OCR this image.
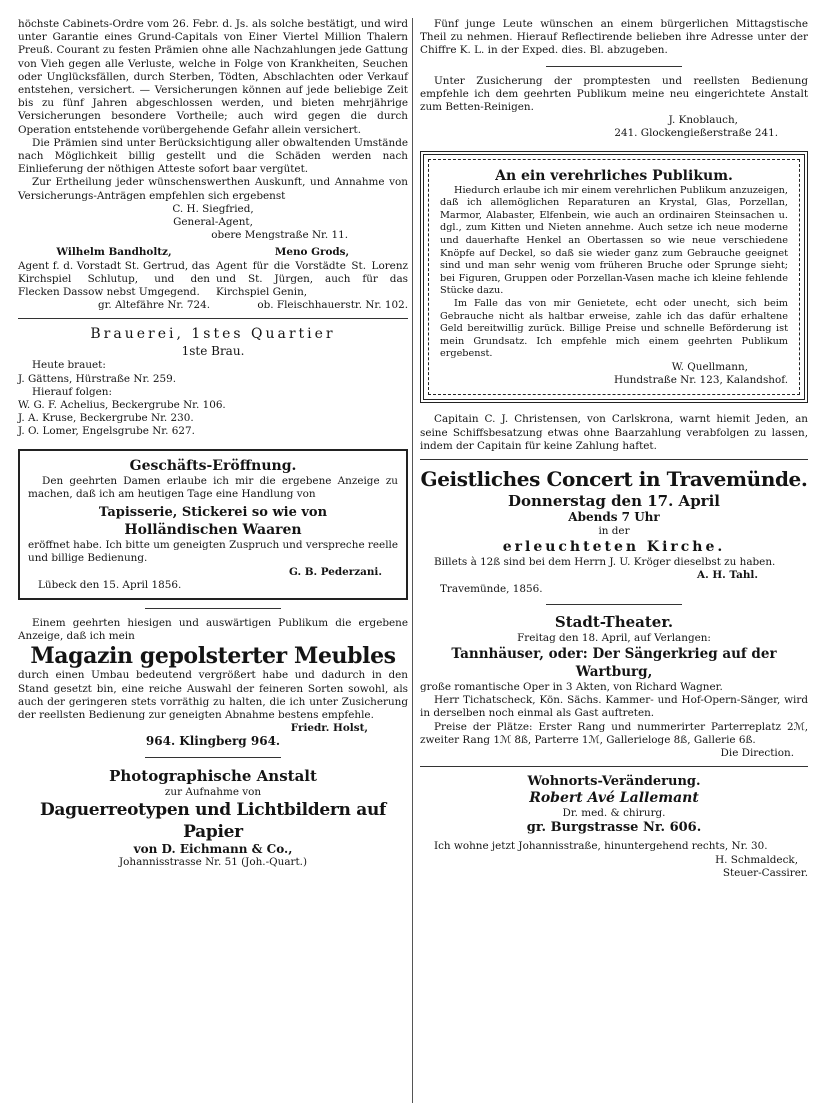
höchste Cabinets-Ordre vom 26. Febr. d. Js. als solche bestätigt, und wird unter Garantie eines Grund-Capitals von Einer Viertel Million Thalern Preuß. Courant zu festen Prämien ohne alle Nachzahlungen jede Gattung von Vieh gegen alle Verluste, welche in Folge von Krankheiten, Seuchen oder Unglücksfällen, durch Sterben, Tödten, Abschlachten oder Verkauf entstehen, versichert. — Versicherungen können auf jede beliebige Zeit bis zu fünf Jahren abgeschlossen werden, und bieten mehrjährige Versicherungen besondere Vortheile; auch wird gegen die durch Operation entstehende vorübergehende Gefahr allein versichert.

Die Prämien sind unter Berücksichtigung aller obwaltenden Umstände nach Möglichkeit billig gestellt und die Schäden werden nach Einlieferung der nöthigen Atteste sofort baar vergütet.

Zur Ertheilung jeder wünschenswerthen Auskunft, und Annahme von Versicherungs-Anträgen empfehlen sich ergebenst

C. H. Siegfried,

General-Agent,

obere Mengstraße Nr. 11.

Wilhelm Bandholtz,

Agent f. d. Vorstadt St. Gertrud, das Kirchspiel Schlutup, und den Flecken Dassow nebst Umgegend.

gr. Altefähre Nr. 724.

Meno Grods,

Agent für die Vorstädte St. Lorenz und St. Jürgen, auch für das Kirchspiel Genin,

ob. Fleischhauerstr. Nr. 102.

Brauerei, 1stes Quartier

1ste Brau.

Heute brauet:

J. Gättens, Hürstraße Nr. 259.

Hierauf folgen:

W. G. F. Achelius, Beckergrube Nr. 106.

J. A. Kruse, Beckergrube Nr. 230.

J. O. Lomer, Engelsgrube Nr. 627.

Geschäfts-Eröffnung.

Den geehrten Damen erlaube ich mir die ergebene Anzeige zu machen, daß ich am heutigen Tage eine Handlung von

Tapisserie, Stickerei so wie von

Holländischen Waaren

eröffnet habe. Ich bitte um geneigten Zuspruch und verspreche reelle und billige Bedienung.

G. B. Pederzani.

Lübeck den 15. April 1856.

Einem geehrten hiesigen und auswärtigen Publikum die ergebene Anzeige, daß ich mein

Magazin gepolsterter Meubles

durch einen Umbau bedeutend vergrößert habe und dadurch in den Stand gesetzt bin, eine reiche Auswahl der feineren Sorten sowohl, als auch der geringeren stets vorräthig zu halten, die ich unter Zusicherung der reellsten Bedienung zur geneigten Abnahme bestens empfehle.

Friedr. Holst,

964. Klingberg 964.

Photographische Anstalt

zur Aufnahme von

Daguerreotypen und Lichtbildern auf Papier

von D. Eichmann & Co.,

Johannisstrasse Nr. 51 (Joh.-Quart.)

Fünf junge Leute wünschen an einem bürgerlichen Mittagstische Theil zu nehmen. Hierauf Reflectirende belieben ihre Adresse unter der Chiffre K. L. in der Exped. dies. Bl. abzugeben.

Unter Zusicherung der promptesten und reellsten Bedienung empfehle ich dem geehrten Publikum meine neu eingerichtete Anstalt zum Betten-Reinigen.

J. Knoblauch,

241. Glockengießerstraße 241.

An ein verehrliches Publikum.

Hiedurch erlaube ich mir einem verehrlichen Publikum anzuzeigen, daß ich allemöglichen Reparaturen an Krystal, Glas, Porzellan, Marmor, Alabaster, Elfenbein, wie auch an ordinairen Steinsachen u. dgl., zum Kitten und Nieten annehme. Auch setze ich neue moderne und dauerhafte Henkel an Obertassen so wie neue verschiedene Knöpfe auf Deckel, so daß sie wieder ganz zum Gebrauche geeignet sind und man sehr wenig vom früheren Bruche oder Sprunge sieht; bei Figuren, Gruppen oder Porzellan-Vasen mache ich kleine fehlende Stücke dazu.

Im Falle das von mir Genietete, echt oder unecht, sich beim Gebrauche nicht als haltbar erweise, zahle ich das dafür erhaltene Geld bereitwillig zurück. Billige Preise und schnelle Beförderung ist mein Grundsatz. Ich empfehle mich einem geehrten Publikum ergebenst.

W. Quellmann,

Hundstraße Nr. 123, Kalandshof.

Capitain C. J. Christensen, von Carlskrona, warnt hiemit Jeden, an seine Schiffsbesatzung etwas ohne Baarzahlung verabfolgen zu lassen, indem der Capitain für keine Zahlung haftet.

Geistliches Concert in Travemünde.

Donnerstag den 17. April

Abends 7 Uhr

in der

erleuchteten Kirche.

Billets à 12ß sind bei dem Herrn J. U. Kröger dieselbst zu haben.

A. H. Tahl.

Travemünde, 1856.

Stadt-Theater.

Freitag den 18. April, auf Verlangen:

Tannhäuser, oder: Der Sängerkrieg auf der Wartburg,

große romantische Oper in 3 Akten, von Richard Wagner.

Herr Tichatscheck, Kön. Sächs. Kammer- und Hof-Opern-Sänger, wird in derselben noch einmal als Gast auftreten.

Preise der Plätze: Erster Rang und nummerirter Parterreplatz 2ℳ, zweiter Rang 1ℳ 8ß, Parterre 1ℳ, Gallerieloge 8ß, Gallerie 6ß.

Die Direction.

Wohnorts-Veränderung.

Robert Avé Lallemant

Dr. med. & chirurg.

gr. Burgstrasse Nr. 606.

Ich wohne jetzt Johannisstraße, hinuntergehend rechts, Nr. 30.

H. Schmaldeck,

Steuer-Cassirer.
